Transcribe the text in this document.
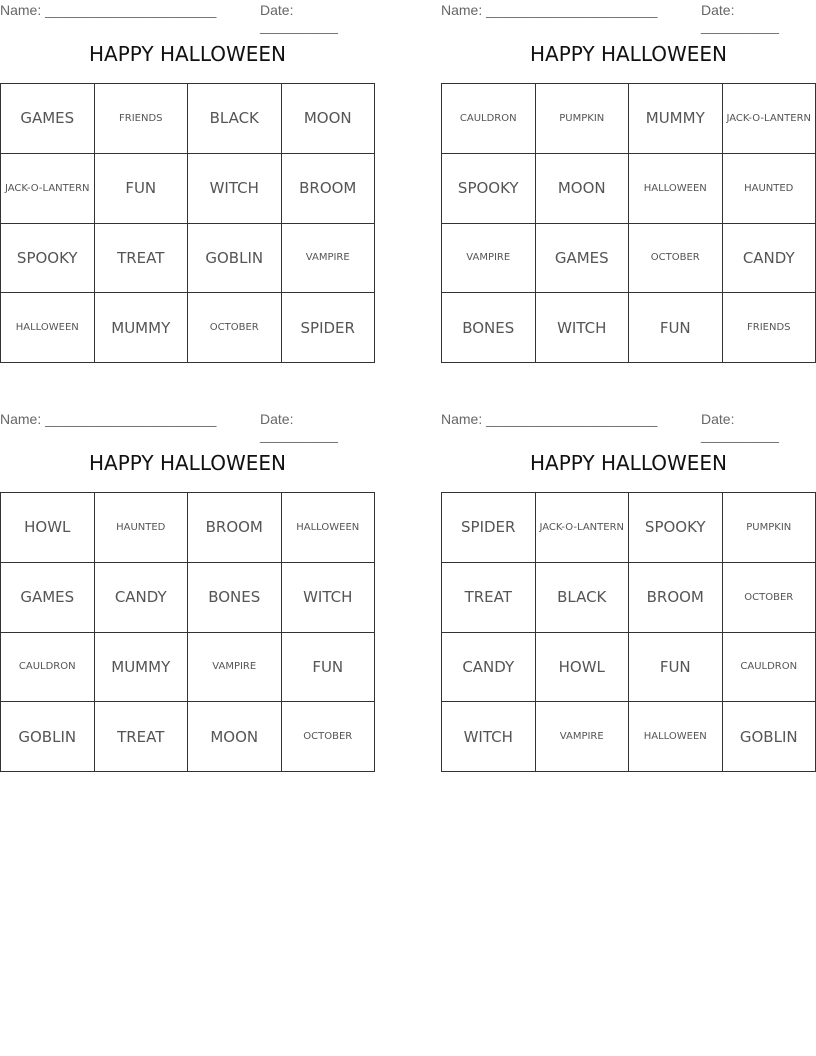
Name: ______________________	Date: __________
HAPPY HALLOWEEN
GAMES	FRIENDS	BLACK	MOON
JACK-O-LANTERN	FUN	WITCH	BROOM
SPOOKY	TREAT	GOBLIN	VAMPIRE
HALLOWEEN	MUMMY	OCTOBER	SPIDER
Name: ______________________	Date: __________
HAPPY HALLOWEEN
CAULDRON	PUMPKIN	MUMMY	JACK-O-LANTERN
SPOOKY	MOON	HALLOWEEN	HAUNTED
VAMPIRE	GAMES	OCTOBER	CANDY
BONES	WITCH	FUN	FRIENDS
Name: ______________________	Date: __________
HAPPY HALLOWEEN
HOWL	HAUNTED	BROOM	HALLOWEEN
GAMES	CANDY	BONES	WITCH
CAULDRON	MUMMY	VAMPIRE	FUN
GOBLIN	TREAT	MOON	OCTOBER
Name: ______________________	Date: __________
HAPPY HALLOWEEN
SPIDER	JACK-O-LANTERN	SPOOKY	PUMPKIN
TREAT	BLACK	BROOM	OCTOBER
CANDY	HOWL	FUN	CAULDRON
WITCH	VAMPIRE	HALLOWEEN	GOBLIN
